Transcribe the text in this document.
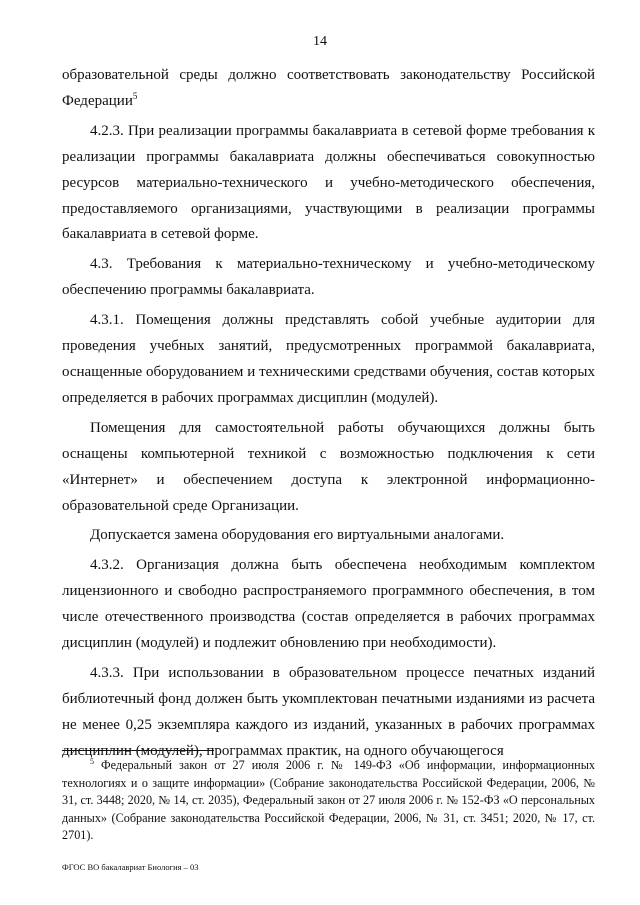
14

образовательной среды должно соответствовать законодательству Российской Федерации$^5$

4.2.3. При реализации программы бакалавриата в сетевой форме требования к реализации программы бакалавриата должны обеспечиваться совокупностью ресурсов материально-технического и учебно-методического обеспечения, предоставляемого организациями, участвующими в реализации программы бакалавриата в сетевой форме.

4.3. Требования к материально-техническому и учебно-методическому обеспечению программы бакалавриата.

4.3.1. Помещения должны представлять собой учебные аудитории для проведения учебных занятий, предусмотренных программой бакалавриата, оснащенные оборудованием и техническими средствами обучения, состав которых определяется в рабочих программах дисциплин (модулей).

Помещения для самостоятельной работы обучающихся должны быть оснащены компьютерной техникой с возможностью подключения к сети «Интернет» и обеспечением доступа к электронной информационно-образовательной среде Организации.

Допускается замена оборудования его виртуальными аналогами.

4.3.2. Организация должна быть обеспечена необходимым комплектом лицензионного и свободно распространяемого программного обеспечения, в том числе отечественного производства (состав определяется в рабочих программах дисциплин (модулей) и подлежит обновлению при необходимости).

4.3.3. При использовании в образовательном процессе печатных изданий библиотечный фонд должен быть укомплектован печатными изданиями из расчета не менее 0,25 экземпляра каждого из изданий, указанных в рабочих программах дисциплин (модулей), программах практик, на одного обучающегося

$^5$ Федеральный закон от 27 июля 2006 г. № 149-ФЗ «Об информации, информационных технологиях и о защите информации» (Собрание законодательства Российской Федерации, 2006, № 31, ст. 3448; 2020, № 14, ст. 2035), Федеральный закон от 27 июля 2006 г. № 152-ФЗ «О персональных данных» (Собрание законодательства Российской Федерации, 2006, № 31, ст. 3451; 2020, № 17, ст. 2701).
ФГОС ВО бакалавриат Биология – 03
